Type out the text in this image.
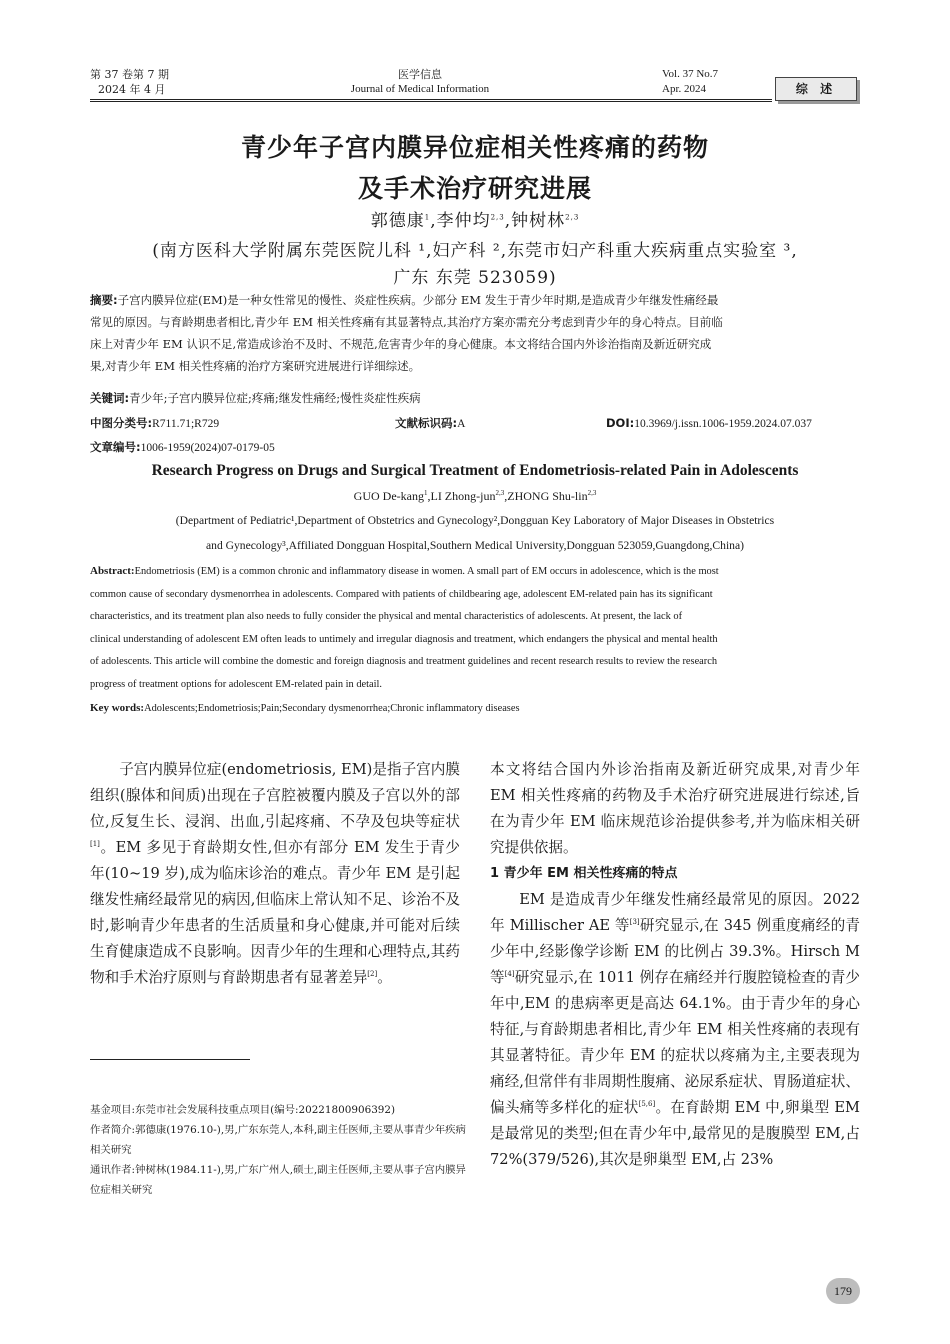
第 37 卷第 7 期
2024 年 4 月
医学信息
Journal of Medical Information
Vol. 37 No.7
Apr. 2024	综 述
青少年子宫内膜异位症相关性疼痛的药物
及手术治疗研究进展
郭德康$^1$,李仲均$^{2,3}$,钟树林$^{2,3}$
(南方医科大学附属东莞医院儿科 ¹,妇产科 ²,东莞市妇产科重大疾病重点实验室 ³,
广东 东莞 523059)
摘要:子宫内膜异位症(EM)是一种女性常见的慢性、炎症性疾病。少部分 EM 发生于青少年时期,是造成青少年继发性痛经最
常见的原因。与育龄期患者相比,青少年 EM 相关性疼痛有其显著特点,其治疗方案亦需充分考虑到青少年的身心特点。目前临
床上对青少年 EM 认识不足,常造成诊治不及时、不规范,危害青少年的身心健康。本文将结合国内外诊治指南及新近研究成
果,对青少年 EM 相关性疼痛的治疗方案研究进展进行详细综述。
关键词:青少年;子宫内膜异位症;疼痛;继发性痛经;慢性炎症性疾病
中图分类号:R711.71;R729	文献标识码:A	DOI:10.3969/j.issn.1006-1959.2024.07.037
文章编号:1006-1959(2024)07-0179-05
Research Progress on Drugs and Surgical Treatment of Endometriosis-related Pain in Adolescents
GUO De-kang$^1$,LI Zhong-jun$^{2,3}$,ZHONG Shu-lin$^{2,3}$
(Department of Pediatric¹,Department of Obstetrics and Gynecology²,Dongguan Key Laboratory of Major Diseases in Obstetrics
and Gynecology³,Affiliated Dongguan Hospital,Southern Medical University,Dongguan 523059,Guangdong,China)
Abstract:Endometriosis (EM) is a common chronic and inflammatory disease in women. A small part of EM occurs in adolescence, which is the most
common cause of secondary dysmenorrhea in adolescents. Compared with patients of childbearing age, adolescent EM-related pain has its significant
characteristics, and its treatment plan also needs to fully consider the physical and mental characteristics of adolescents. At present, the lack of
clinical understanding of adolescent EM often leads to untimely and irregular diagnosis and treatment, which endangers the physical and mental health
of adolescents. This article will combine the domestic and foreign diagnosis and treatment guidelines and recent research results to review the research
progress of treatment options for adolescent EM-related pain in detail.
Key words:Adolescents;Endometriosis;Pain;Secondary dysmenorrhea;Chronic inflammatory diseases

子宫内膜异位症(endometriosis, EM)是指子宫内膜组织(腺体和间质)出现在子宫腔被覆内膜及子宫以外的部位,反复生长、浸润、出血,引起疼痛、不孕及包块等症状[1]。EM 多见于育龄期女性,但亦有部分 EM 发生于青少年(10~19 岁),成为临床诊治的难点。青少年 EM 是引起继发性痛经最常见的病因,但临床上常认知不足、诊治不及时,影响青少年患者的生活质量和身心健康,并可能对后续生育健康造成不良影响。因青少年的生理和心理特点,其药物和手术治疗原则与育龄期患者有显著差异[2]。

基金项目:东莞市社会发展科技重点项目(编号:20221800906392)
作者简介:郭德康(1976.10-),男,广东东莞人,本科,副主任医师,主要从事青少年疾病相关研究
通讯作者:钟树林(1984.11-),男,广东广州人,硕士,副主任医师,主要从事子宫内膜异位症相关研究

本文将结合国内外诊治指南及新近研究成果,对青少年 EM 相关性疼痛的药物及手术治疗研究进展进行综述,旨在为青少年 EM 临床规范诊治提供参考,并为临床相关研究提供依据。

1 青少年 EM 相关性疼痛的特点

EM 是造成青少年继发性痛经最常见的原因。2022 年 Millischer AE 等[3]研究显示,在 345 例重度痛经的青少年中,经影像学诊断 EM 的比例占 39.3%。Hirsch M 等[4]研究显示,在 1011 例存在痛经并行腹腔镜检查的青少年中,EM 的患病率更是高达 64.1%。由于青少年的身心特征,与育龄期患者相比,青少年 EM 相关性疼痛的表现有其显著特征。青少年 EM 的症状以疼痛为主,主要表现为痛经,但常伴有非周期性腹痛、泌尿系症状、胃肠道症状、偏头痛等多样化的症状[5,6]。在育龄期 EM 中,卵巢型 EM 是最常见的类型;但在青少年中,最常见的是腹膜型 EM,占 72%(379/526),其次是卵巢型 EM,占 23%

179
